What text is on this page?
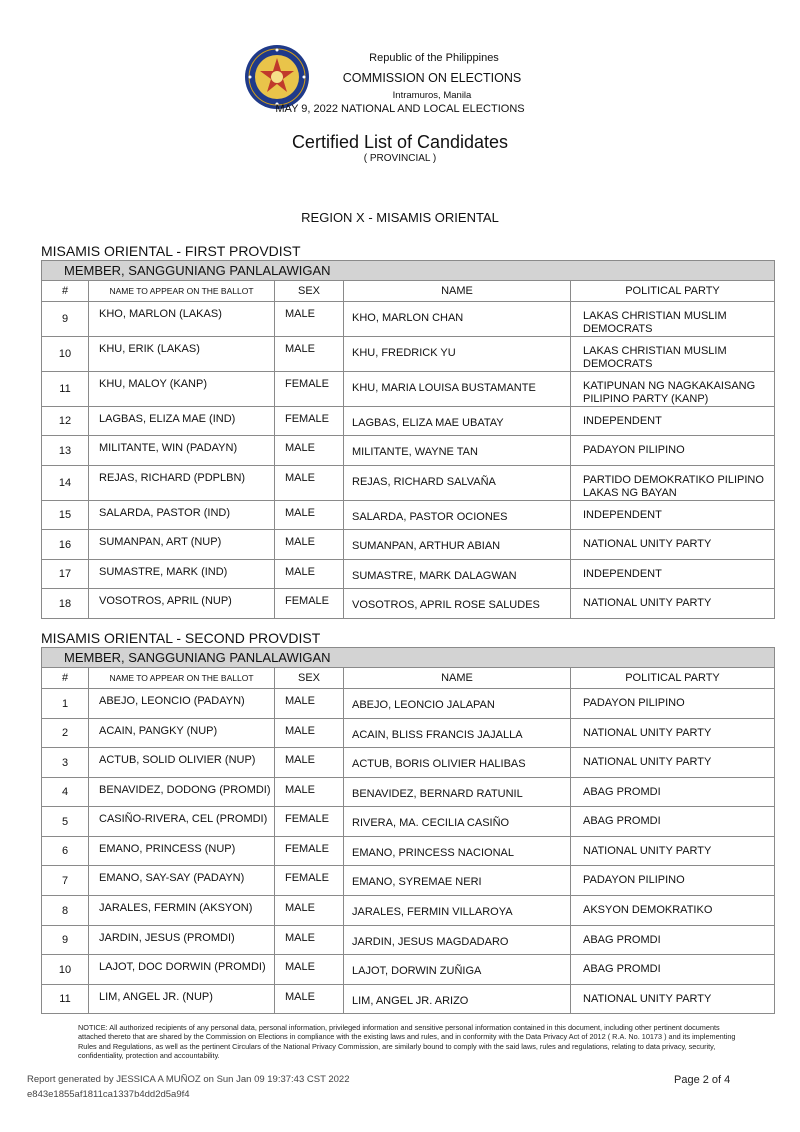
Republic of the Philippines
COMMISSION ON ELECTIONS
Intramuros, Manila
MAY 9, 2022 NATIONAL AND LOCAL ELECTIONS
Certified List of Candidates
( PROVINCIAL )
REGION X - MISAMIS ORIENTAL
MISAMIS ORIENTAL - FIRST PROVDIST
MEMBER, SANGGUNIANG PANLALAWIGAN				
#	NAME TO APPEAR ON THE BALLOT	SEX	NAME	POLITICAL PARTY
9	KHO, MARLON (LAKAS)	MALE	KHO, MARLON CHAN	LAKAS CHRISTIAN MUSLIM DEMOCRATS
10	KHU, ERIK (LAKAS)	MALE	KHU, FREDRICK YU	LAKAS CHRISTIAN MUSLIM DEMOCRATS
11	KHU, MALOY (KANP)	FEMALE	KHU, MARIA LOUISA BUSTAMANTE	KATIPUNAN NG NAGKAKAISANG PILIPINO PARTY (KANP)
12	LAGBAS, ELIZA MAE (IND)	FEMALE	LAGBAS, ELIZA MAE UBATAY	INDEPENDENT
13	MILITANTE, WIN (PADAYN)	MALE	MILITANTE, WAYNE TAN	PADAYON PILIPINO
14	REJAS, RICHARD (PDPLBN)	MALE	REJAS, RICHARD SALVAÑA	PARTIDO DEMOKRATIKO PILIPINO LAKAS NG BAYAN
15	SALARDA, PASTOR (IND)	MALE	SALARDA, PASTOR OCIONES	INDEPENDENT
16	SUMANPAN, ART (NUP)	MALE	SUMANPAN, ARTHUR ABIAN	NATIONAL UNITY PARTY
17	SUMASTRE, MARK (IND)	MALE	SUMASTRE, MARK DALAGWAN	INDEPENDENT
18	VOSOTROS, APRIL (NUP)	FEMALE	VOSOTROS, APRIL ROSE SALUDES	NATIONAL UNITY PARTY
MISAMIS ORIENTAL - SECOND PROVDIST
MEMBER, SANGGUNIANG PANLALAWIGAN				
#	NAME TO APPEAR ON THE BALLOT	SEX	NAME	POLITICAL PARTY
1	ABEJO, LEONCIO (PADAYN)	MALE	ABEJO, LEONCIO JALAPAN	PADAYON PILIPINO
2	ACAIN, PANGKY (NUP)	MALE	ACAIN, BLISS FRANCIS JAJALLA	NATIONAL UNITY PARTY
3	ACTUB, SOLID OLIVIER (NUP)	MALE	ACTUB, BORIS OLIVIER HALIBAS	NATIONAL UNITY PARTY
4	BENAVIDEZ, DODONG (PROMDI)	MALE	BENAVIDEZ, BERNARD RATUNIL	ABAG PROMDI
5	CASIÑO-RIVERA, CEL (PROMDI)	FEMALE	RIVERA, MA. CECILIA CASIÑO	ABAG PROMDI
6	EMANO, PRINCESS (NUP)	FEMALE	EMANO, PRINCESS NACIONAL	NATIONAL UNITY PARTY
7	EMANO, SAY-SAY (PADAYN)	FEMALE	EMANO, SYREMAE NERI	PADAYON PILIPINO
8	JARALES, FERMIN (AKSYON)	MALE	JARALES, FERMIN VILLAROYA	AKSYON DEMOKRATIKO
9	JARDIN, JESUS (PROMDI)	MALE	JARDIN, JESUS MAGDADARO	ABAG PROMDI
10	LAJOT, DOC DORWIN (PROMDI)	MALE	LAJOT, DORWIN ZUÑIGA	ABAG PROMDI
11	LIM, ANGEL JR. (NUP)	MALE	LIM, ANGEL JR. ARIZO	NATIONAL UNITY PARTY
NOTICE: All authorized recipients of any personal data, personal information, privileged information and sensitive personal information contained in this document, including other pertinent documents attached thereto that are shared by the Commission on Elections in compliance with the existing laws and rules, and in conformity with the Data Privacy Act of 2012 ( R.A. No. 10173 ) and its implementing Rules and Regulations, as well as the pertinent Circulars of the National Privacy Commission, are similarly bound to comply with the said laws, rules and regulations, relating to data privacy, security, confidentiality, protection and accountability.
Report generated by JESSICA A MUÑOZ on Sun Jan 09 19:37:43 CST 2022
e843e1855af1811ca1337b4dd2d5a9f4
Page 2 of 4
